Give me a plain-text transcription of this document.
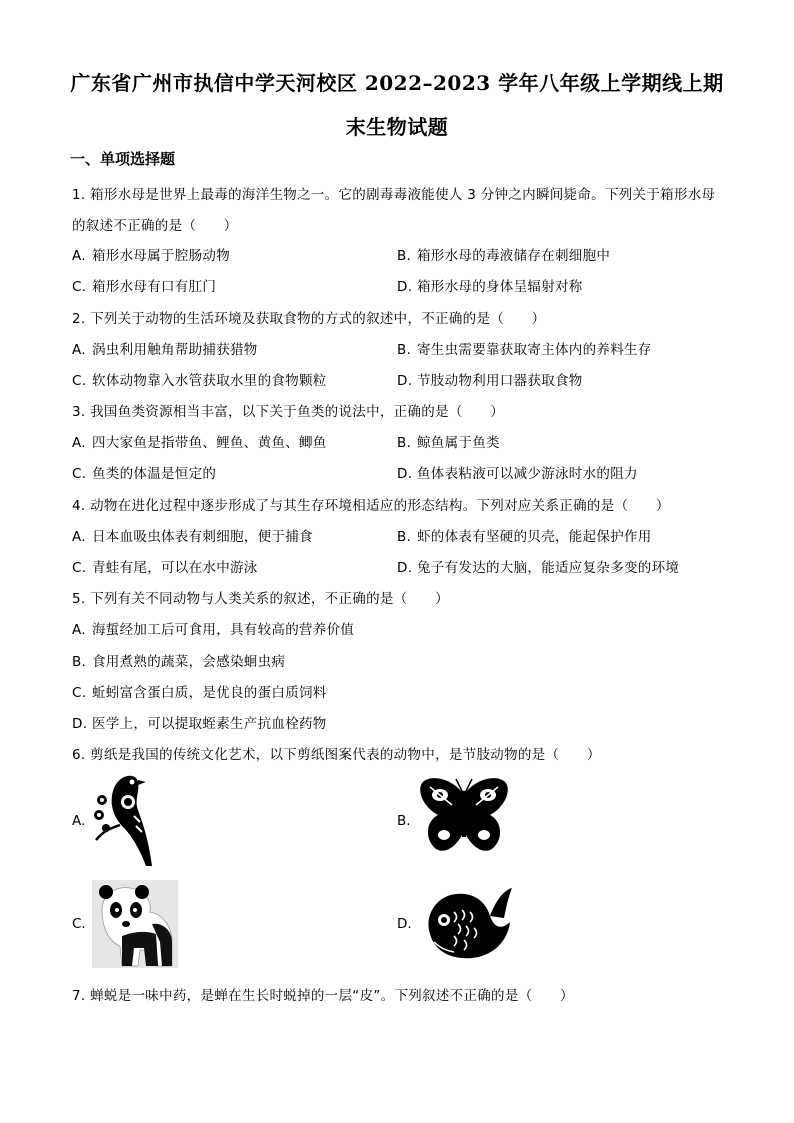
广东省广州市执信中学天河校区 2022–2023 学年八年级上学期线上期
末生物试题
一、单项选择题
1. 箱形水母是世界上最毒的海洋生物之一。它的剧毒毒液能使人 3 分钟之内瞬间毙命。下列关于箱形水母
的叙述不正确的是（　　）
A. 箱形水母属于腔肠动物	B. 箱形水母的毒液储存在刺细胞中
C. 箱形水母有口有肛门	D. 箱形水母的身体呈辐射对称
2. 下列关于动物的生活环境及获取食物的方式的叙述中，不正确的是（　　）
A. 涡虫利用触角帮助捕获猎物	B. 寄生虫需要靠获取寄主体内的养料生存
C. 软体动物靠入水管获取水里的食物颗粒	D. 节肢动物利用口器获取食物
3. 我国鱼类资源相当丰富，以下关于鱼类的说法中，正确的是（　　）
A. 四大家鱼是指带鱼、鲤鱼、黄鱼、鲫鱼	B. 鲸鱼属于鱼类
C. 鱼类的体温是恒定的	D. 鱼体表粘液可以减少游泳时水的阻力
4. 动物在进化过程中逐步形成了与其生存环境相适应的形态结构。下列对应关系正确的是（　　）
A. 日本血吸虫体表有刺细胞，便于捕食	B. 虾的体表有坚硬的贝壳，能起保护作用
C. 青蛙有尾，可以在水中游泳	D. 兔子有发达的大脑，能适应复杂多变的环境
5. 下列有关不同动物与人类关系的叙述，不正确的是（　　）
A. 海蜇经加工后可食用，具有较高的营养价值
B. 食用煮熟的蔬菜，会感染蛔虫病
C. 蚯蚓富含蛋白质，是优良的蛋白质饲料
D. 医学上，可以提取蛭素生产抗血栓药物
6. 剪纸是我国的传统文化艺术，以下剪纸图案代表的动物中，是节肢动物的是（　　）
A.	B.
C.	D.
7. 蝉蜕是一味中药，是蝉在生长时蜕掉的一层“皮”。下列叙述不正确的是（　　）
